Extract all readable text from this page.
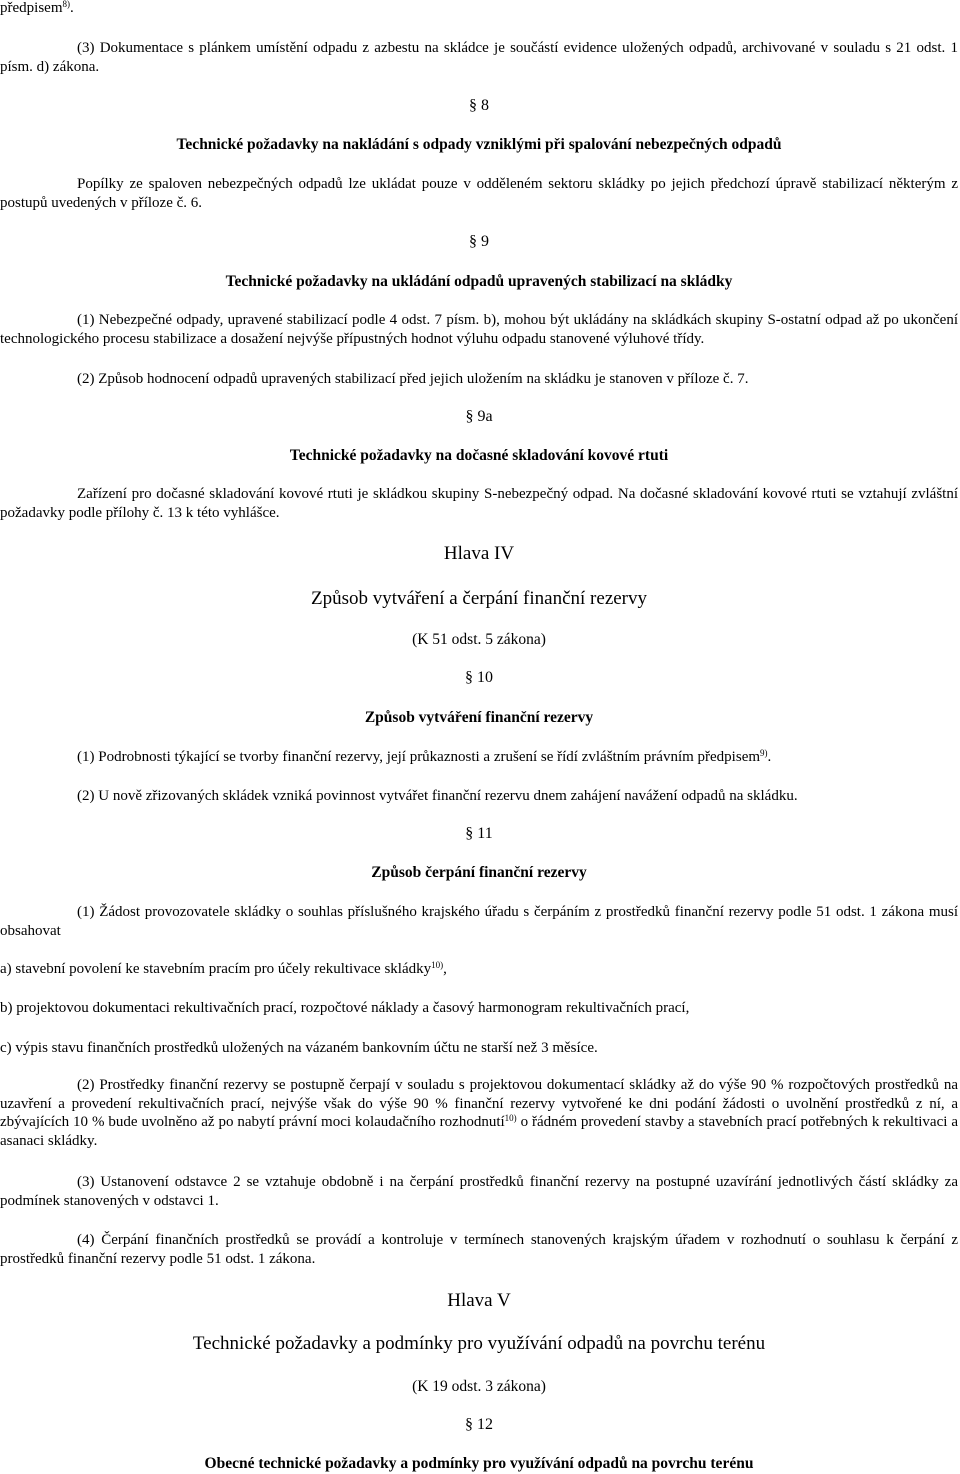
předpisem$^{8)}$.
(3) Dokumentace s plánkem umístění odpadu z azbestu na skládce je součástí evidence uložených odpadů, archivované v souladu s 21 odst. 1 písm. d) zákona.
§ 8
Technické požadavky na nakládání s odpady vzniklými při spalování nebezpečných odpadů
Popílky ze spaloven nebezpečných odpadů lze ukládat pouze v odděleném sektoru skládky po jejich předchozí úpravě stabilizací některým z postupů uvedených v příloze č. 6.
§ 9
Technické požadavky na ukládání odpadů upravených stabilizací na skládky
(1) Nebezpečné odpady, upravené stabilizací podle 4 odst. 7 písm. b), mohou být ukládány na skládkách skupiny S-ostatní odpad až po ukončení technologického procesu stabilizace a dosažení nejvýše přípustných hodnot výluhu odpadu stanovené výluhové třídy.
(2) Způsob hodnocení odpadů upravených stabilizací před jejich uložením na skládku je stanoven v příloze č. 7.
§ 9a
Technické požadavky na dočasné skladování kovové rtuti
Zařízení pro dočasné skladování kovové rtuti je skládkou skupiny S-nebezpečný odpad. Na dočasné skladování kovové rtuti se vztahují zvláštní požadavky podle přílohy č. 13 k této vyhlášce.
Hlava IV
Způsob vytváření a čerpání finanční rezervy
(K 51 odst. 5 zákona)
§ 10
Způsob vytváření finanční rezervy
(1) Podrobnosti týkající se tvorby finanční rezervy, její průkaznosti a zrušení se řídí zvláštním právním předpisem$^{9)}$.
(2) U nově zřizovaných skládek vzniká povinnost vytvářet finanční rezervu dnem zahájení navážení odpadů na skládku.
§ 11
Způsob čerpání finanční rezervy
(1) Žádost provozovatele skládky o souhlas příslušného krajského úřadu s čerpáním z prostředků finanční rezervy podle 51 odst. 1 zákona musí obsahovat
a) stavební povolení ke stavebním pracím pro účely rekultivace skládky$^{10)}$,
b) projektovou dokumentaci rekultivačních prací, rozpočtové náklady a časový harmonogram rekultivačních prací,
c) výpis stavu finančních prostředků uložených na vázaném bankovním účtu ne starší než 3 měsíce.
(2) Prostředky finanční rezervy se postupně čerpají v souladu s projektovou dokumentací skládky až do výše 90 % rozpočtových prostředků na uzavření a provedení rekultivačních prací, nejvýše však do výše 90 % finanční rezervy vytvořené ke dni podání žádosti o uvolnění prostředků z ní, a zbývajících 10 % bude uvolněno až po nabytí právní moci kolaudačního rozhodnutí$^{10)}$ o řádném provedení stavby a stavebních prací potřebných k rekultivaci a asanaci skládky.
(3) Ustanovení odstavce 2 se vztahuje obdobně i na čerpání prostředků finanční rezervy na postupné uzavírání jednotlivých částí skládky za podmínek stanovených v odstavci 1.
(4) Čerpání finančních prostředků se provádí a kontroluje v termínech stanovených krajským úřadem v rozhodnutí o souhlasu k čerpání z prostředků finanční rezervy podle 51 odst. 1 zákona.
Hlava V
Technické požadavky a podmínky pro využívání odpadů na povrchu terénu
(K 19 odst. 3 zákona)
§ 12
Obecné technické požadavky a podmínky pro využívání odpadů na povrchu terénu
